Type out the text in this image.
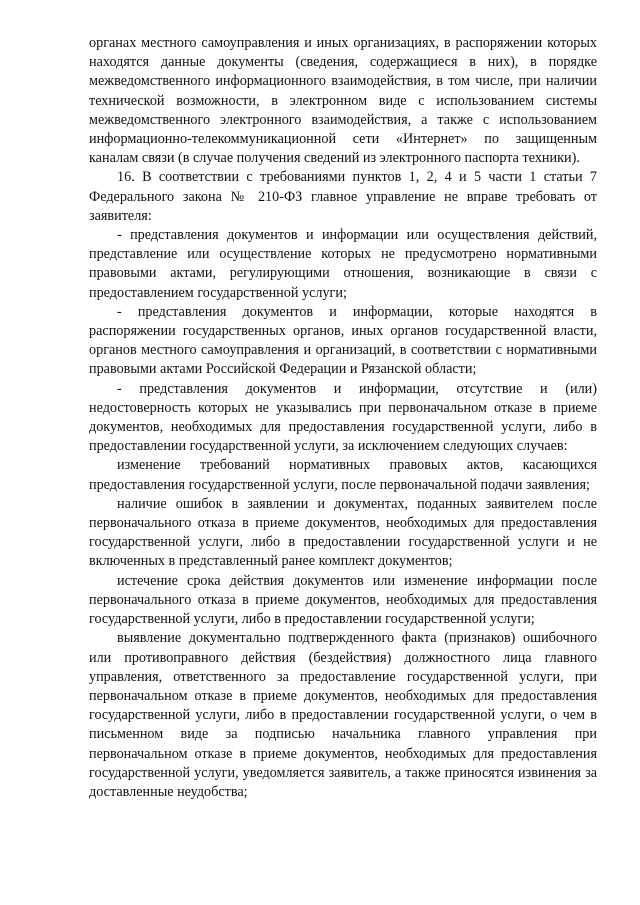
органах местного самоуправления и иных организациях, в распоряжении которых находятся данные документы (сведения, содержащиеся в них), в порядке межведомственного информационного взаимодействия, в том числе, при наличии технической возможности, в электронном виде с использованием системы межведомственного электронного взаимодействия, а также с использованием информационно-телекоммуникационной сети «Интернет» по защищенным каналам связи (в случае получения сведений из электронного паспорта техники).

16. В соответствии с требованиями пунктов 1, 2, 4 и 5 части 1 статьи 7 Федерального закона № 210-ФЗ главное управление не вправе требовать от заявителя:

- представления документов и информации или осуществления действий, представление или осуществление которых не предусмотрено нормативными правовыми актами, регулирующими отношения, возникающие в связи с предоставлением государственной услуги;

- представления документов и информации, которые находятся в распоряжении государственных органов, иных органов государственной власти, органов местного самоуправления и организаций, в соответствии с нормативными правовыми актами Российской Федерации и Рязанской области;

- представления документов и информации, отсутствие и (или) недостоверность которых не указывались при первоначальном отказе в приеме документов, необходимых для предоставления государственной услуги, либо в предоставлении государственной услуги, за исключением следующих случаев:

изменение требований нормативных правовых актов, касающихся предоставления государственной услуги, после первоначальной подачи заявления;

наличие ошибок в заявлении и документах, поданных заявителем после первоначального отказа в приеме документов, необходимых для предоставления государственной услуги, либо в предоставлении государственной услуги и не включенных в представленный ранее комплект документов;

истечение срока действия документов или изменение информации после первоначального отказа в приеме документов, необходимых для предоставления государственной услуги, либо в предоставлении государственной услуги;

выявление документально подтвержденного факта (признаков) ошибочного или противоправного действия (бездействия) должностного лица главного управления, ответственного за предоставление государственной услуги, при первоначальном отказе в приеме документов, необходимых для предоставления государственной услуги, либо в предоставлении государственной услуги, о чем в письменном виде за подписью начальника главного управления при первоначальном отказе в приеме документов, необходимых для предоставления государственной услуги, уведомляется заявитель, а также приносятся извинения за доставленные неудобства;
